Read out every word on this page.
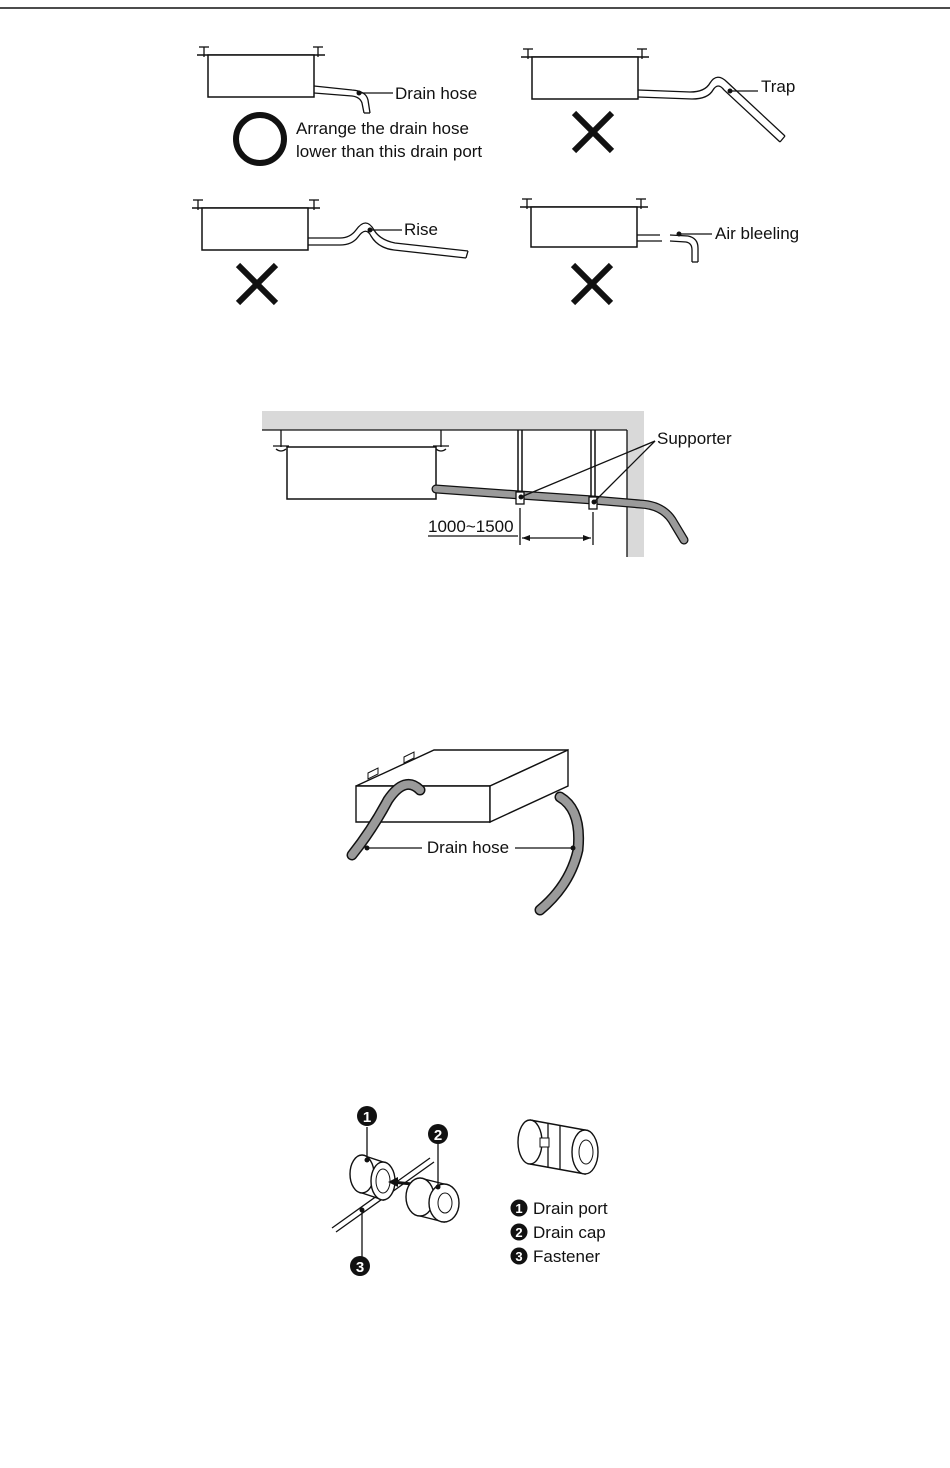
Drain hose
Arrange the drain hose
lower than this drain port
Trap
Rise	Air bleeling
Supporter
1000~1500
Drain hose
1
2
3
1 Drain port
2 Drain cap
3 Fastener
